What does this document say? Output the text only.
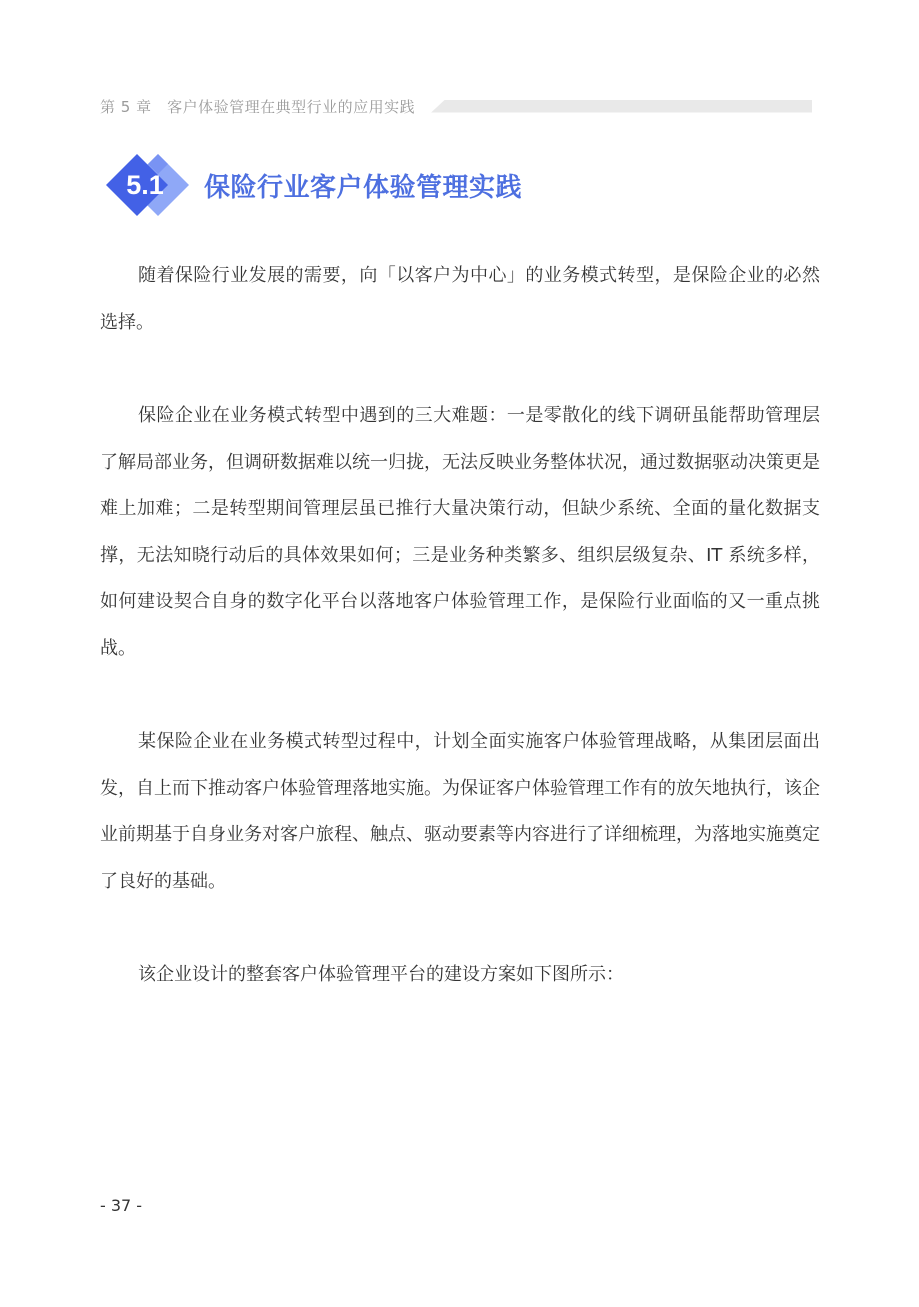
第 5 章　客户体验管理在典型行业的应用实践
5.1	保险行业客户体验管理实践

随着保险行业发展的需要，向「以客户为中心」的业务模式转型，是保险企业的必然选择。

保险企业在业务模式转型中遇到的三大难题：一是零散化的线下调研虽能帮助管理层了解局部业务，但调研数据难以统一归拢，无法反映业务整体状况，通过数据驱动决策更是难上加难；二是转型期间管理层虽已推行大量决策行动，但缺少系统、全面的量化数据支撑，无法知晓行动后的具体效果如何；三是业务种类繁多、组织层级复杂、IT 系统多样，如何建设契合自身的数字化平台以落地客户体验管理工作，是保险行业面临的又一重点挑战。

某保险企业在业务模式转型过程中，计划全面实施客户体验管理战略，从集团层面出发，自上而下推动客户体验管理落地实施。为保证客户体验管理工作有的放矢地执行，该企业前期基于自身业务对客户旅程、触点、驱动要素等内容进行了详细梳理，为落地实施奠定了良好的基础。

该企业设计的整套客户体验管理平台的建设方案如下图所示：

- 37 -
